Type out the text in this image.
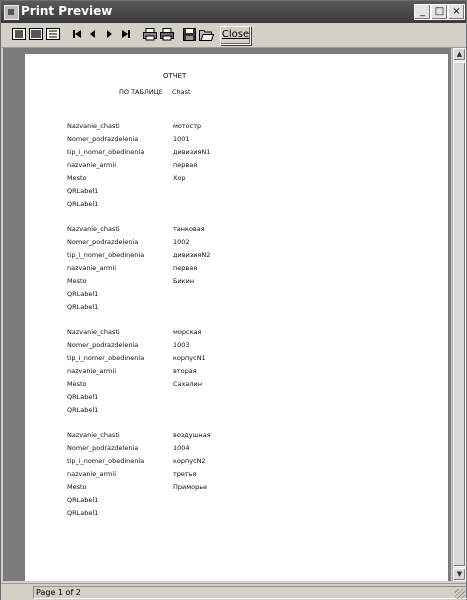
Print Preview	_ □ ×
Close
ОТЧЕТ
ПО ТАБЛИЦЕ Chast
Nazvanie_chasti	мотостр
Nomer_podrazdelenia	1001
tip_i_nomer_obedinenia	дивизияN1
nazvanie_armii	первая
Mesto	Хор
QRLabel1
QRLabel1
Nazvanie_chasti	танковая
Nomer_podrazdelenia	1002
tip_i_nomer_obedinenia	дивизияN2
nazvanie_armii	первая
Mesto	Бикин
QRLabel1
QRLabel1
Nazvanie_chasti	морская
Nomer_podrazdelenia	1003
tip_i_nomer_obedinenia	корпусN1
nazvanie_armii	вторая
Mesto	Сахалин
QRLabel1
QRLabel1
Nazvanie_chasti	воздушная
Nomer_podrazdelenia	1004
tip_i_nomer_obedinenia	корпусN2
nazvanie_armii	третья
Mesto	Приморье
QRLabel1
QRLabel1
▲
▼
Page 1 of 2
